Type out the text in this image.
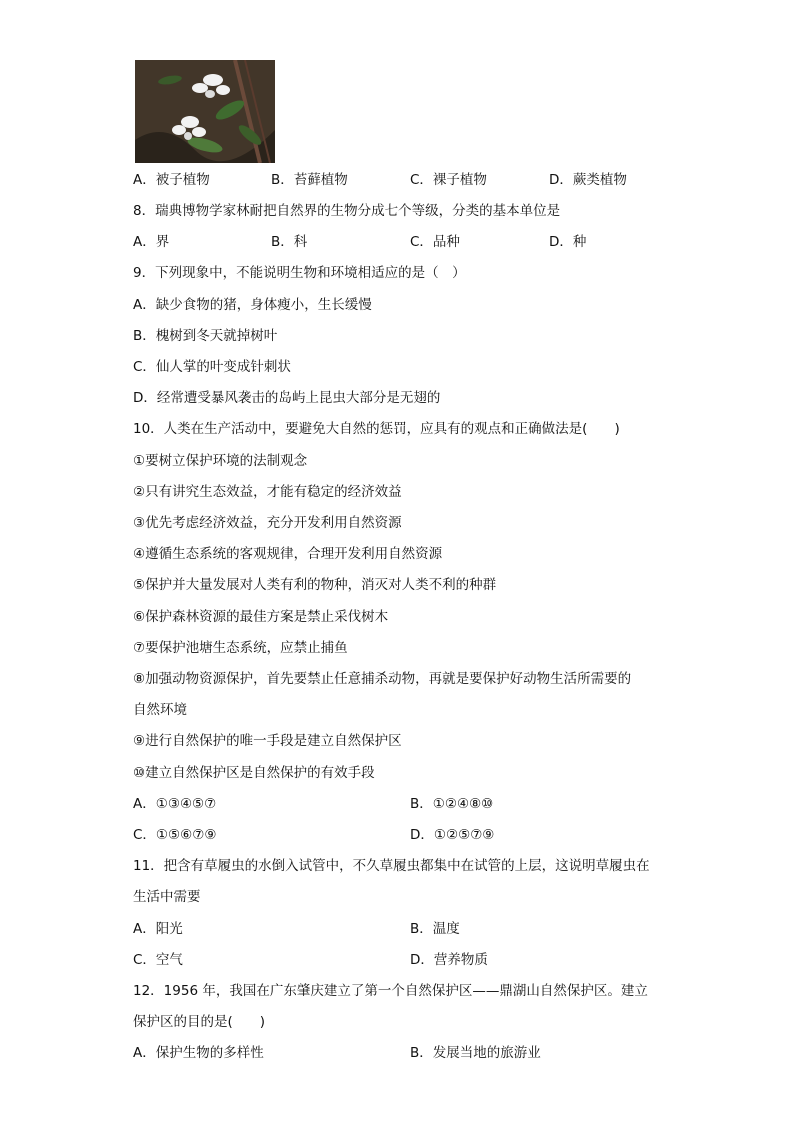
A．被子植物	B．苔藓植物	C．裸子植物	D．蕨类植物
8．瑞典博物学家林耐把自然界的生物分成七个等级，分类的基本单位是
A．界	B．科	C．品种	D．种
9．下列现象中，不能说明生物和环境相适应的是（　）
A．缺少食物的猪，身体瘦小，生长缓慢
B．槐树到冬天就掉树叶
C．仙人掌的叶变成针刺状
D．经常遭受暴风袭击的岛屿上昆虫大部分是无翅的
10．人类在生产活动中，要避免大自然的惩罚，应具有的观点和正确做法是(　　)
①要树立保护环境的法制观念
②只有讲究生态效益，才能有稳定的经济效益
③优先考虑经济效益，充分开发利用自然资源
④遵循生态系统的客观规律，合理开发利用自然资源
⑤保护并大量发展对人类有利的物种，消灭对人类不利的种群
⑥保护森林资源的最佳方案是禁止采伐树木
⑦要保护池塘生态系统，应禁止捕鱼
⑧加强动物资源保护，首先要禁止任意捕杀动物，再就是要保护好动物生活所需要的
自然环境
⑨进行自然保护的唯一手段是建立自然保护区
⑩建立自然保护区是自然保护的有效手段
A．①③④⑤⑦	B．①②④⑧⑩
C．①⑤⑥⑦⑨	D．①②⑤⑦⑨
11．把含有草履虫的水倒入试管中，不久草履虫都集中在试管的上层，这说明草履虫在
生活中需要
A．阳光	B．温度
C．空气	D．营养物质
12．1956 年，我国在广东肇庆建立了第一个自然保护区——鼎湖山自然保护区。建立
保护区的目的是(　　)
A．保护生物的多样性	B．发展当地的旅游业
